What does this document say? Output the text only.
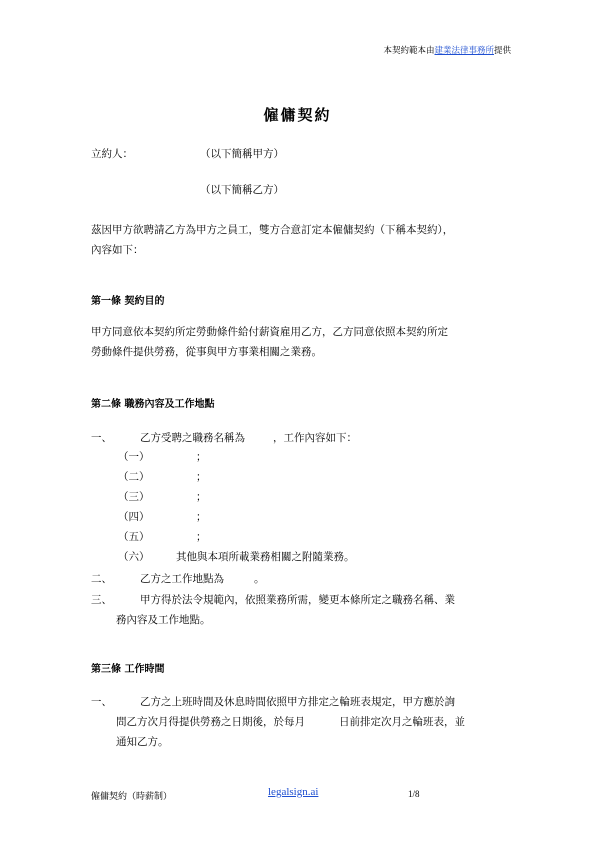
本契約範本由建業法律事務所提供
僱傭契約
立約人：	（以下簡稱甲方）
（以下簡稱乙方）
茲因甲方欲聘請乙方為甲方之員工，雙方合意訂定本僱傭契約（下稱本契約），
內容如下：
第一條 契約目的
甲方同意依本契約所定勞動條件給付薪資雇用乙方，乙方同意依照本契約所定
勞動條件提供勞務，從事與甲方事業相關之業務。
第二條 職務內容及工作地點
一、	乙方受聘之職務名稱為	，工作內容如下：
（一）	；
（二）	；
（三）	；
（四）	；
（五）	；
（六）	其他與本項所載業務相關之附隨業務。
二、	乙方之工作地點為	。
三、	甲方得於法令規範內，依照業務所需，變更本條所定之職務名稱、業
務內容及工作地點。
第三條 工作時間
一、	乙方之上班時間及休息時間依照甲方排定之輪班表規定，甲方應於詢
問乙方次月得提供勞務之日期後，於每月	日前排定次月之輪班表，並
通知乙方。
僱傭契約（時薪制）	legalsign.ai	1/8
